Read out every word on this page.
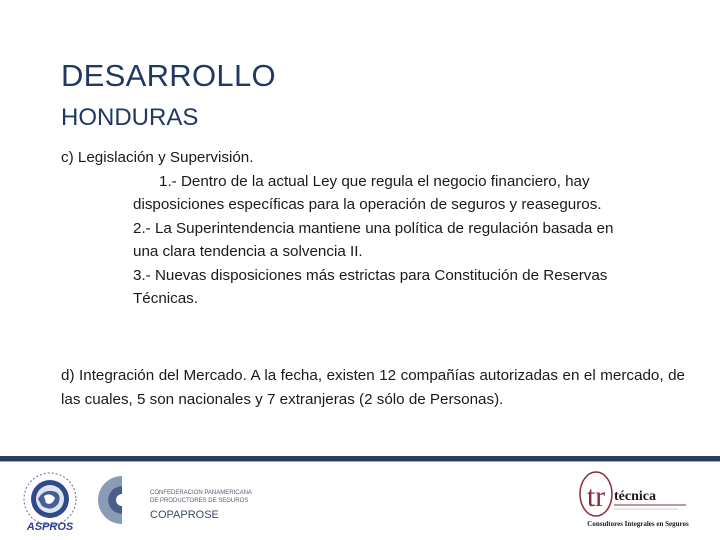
DESARROLLO
HONDURAS
c) Legislación y Supervisión.
1.- Dentro de la actual Ley que regula el negocio financiero, hay disposiciones específicas para la operación de seguros y reaseguros.
2.- La Superintendencia mantiene una política de regulación basada en una clara tendencia a solvencia II.
3.- Nuevas disposiciones más estrictas para Constitución de Reservas Técnicas.
d) Integración del Mercado. A la fecha, existen 12 compañías autorizadas en el mercado, de las cuales, 5 son nacionales y 7 extranjeras (2 sólo de Personas).
ASPROS
CONFEDERACION PANAMERICANA
DE PRODUCTORES DE SEGUROS
COPAPROSE
tr técnica
Consultores Integrales en Seguros
